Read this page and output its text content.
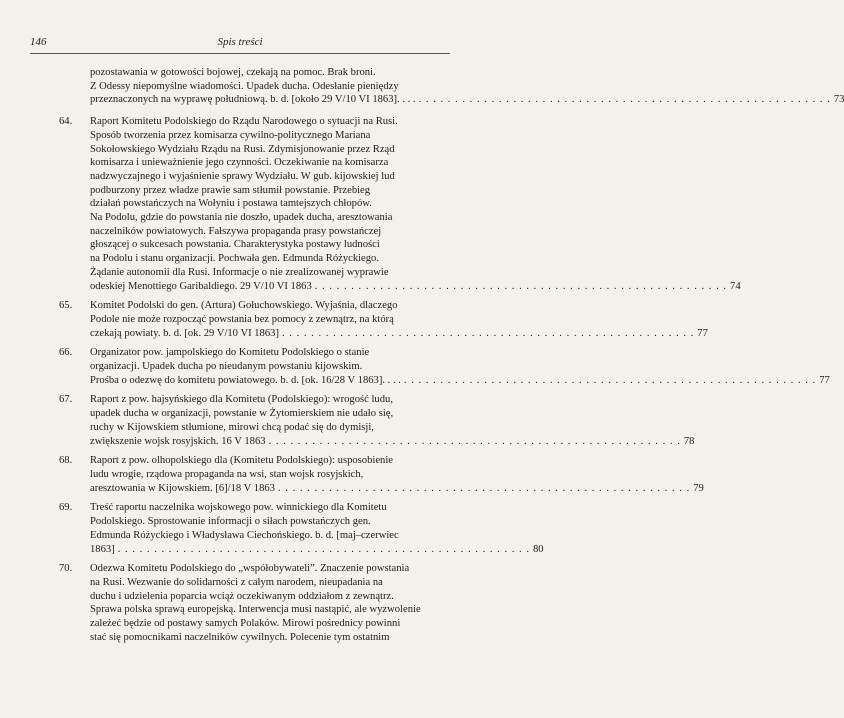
146	Spis treści
pozostawania w gotowości bojowej, czekają na pomoc. Brak broni.
Z Odessy niepomyślne wiadomości. Upadek ducha. Odesłanie pieniędzy
przeznaczonych na wyprawę południową. b. d. [około 29 V/10 VI 1863]. . . . . . . . . . . . . . . . . . . . . . . . . . . . . . . . . . . . . . . . . . . . . . . . . . . . . . . . . . . . . 73
64.	Raport Komitetu Podolskiego do Rządu Narodowego o sytuacji na Rusi.
Sposób tworzenia przez komisarza cywilno-politycznego Mariana
Sokołowskiego Wydziału Rządu na Rusi. Zdymisjonowanie przez Rząd
komisarza i unieważnienie jego czynności. Oczekiwanie na komisarza
nadzwyczajnego i wyjaśnienie sprawy Wydziału. W gub. kijowskiej lud
podburzony przez władze prawie sam stłumił powstanie. Przebieg
działań powstańczych na Wołyniu i postawa tamtejszych chłopów.
Na Podolu, gdzie do powstania nie doszło, upadek ducha, aresztowania
naczelników powiatowych. Fałszywa propaganda prasy powstańczej
głoszącej o sukcesach powstania. Charakterystyka postawy ludności
na Podolu i stanu organizacji. Pochwała gen. Edmunda Różyckiego.
Żądanie autonomii dla Rusi. Informacje o nie zrealizowanej wyprawie
odeskiej Menottiego Garibaldiego. 29 V/10 VI 1863 . . . . . . . . . . . . . . . . . . . . . . . . . . . . . . . . . . . . . . . . . . . . . . . . . . . . . . . . . 74
65.	Komitet Podolski do gen. (Artura) Gołuchowskiego. Wyjaśnia, dlaczego
Podole nie może rozpocząć powstania bez pomocy z zewnątrz, na którą
czekają powiaty. b. d. [ok. 29 V/10 VI 1863] . . . . . . . . . . . . . . . . . . . . . . . . . . . . . . . . . . . . . . . . . . . . . . . . . . . . . . . . . 77
66.	Organizator pow. jampolskiego do Komitetu Podolskiego o stanie
organizacji. Upadek ducha po nieudanym powstaniu kijowskim.
Prośba o odezwę do komitetu powiatowego. b. d. [ok. 16/28 V 1863]. . . . . . . . . . . . . . . . . . . . . . . . . . . . . . . . . . . . . . . . . . . . . . . . . . . . . . . . . . . . . 77
67.	Raport z pow. hajsyńskiego dla Komitetu (Podolskiego): wrogość ludu,
upadek ducha w organizacji, powstanie w Żytomierskiem nie udało się,
ruchy w Kijowskiem stłumione, mirowi chcą podać się do dymisji,
zwiększenie wojsk rosyjskich. 16 V 1863 . . . . . . . . . . . . . . . . . . . . . . . . . . . . . . . . . . . . . . . . . . . . . . . . . . . . . . . . . 78
68.	Raport z pow. olhopolskiego dla (Komitetu Podolskiego): usposobienie
ludu wrogie, rządowa propaganda na wsi, stan wojsk rosyjskich,
aresztowania w Kijowskiem. [6]/18 V 1863 . . . . . . . . . . . . . . . . . . . . . . . . . . . . . . . . . . . . . . . . . . . . . . . . . . . . . . . . . 79
69.	Treść raportu naczelnika wojskowego pow. winnickiego dla Komitetu
Podolskiego. Sprostowanie informacji o siłach powstańczych gen.
Edmunda Różyckiego i Władysława Ciechońskiego. b. d. [maj–czerwiec
1863] . . . . . . . . . . . . . . . . . . . . . . . . . . . . . . . . . . . . . . . . . . . . . . . . . . . . . . . . . 80
70.	Odezwa Komitetu Podolskiego do „współobywateli”. Znaczenie powstania
na Rusi. Wezwanie do solidarności z całym narodem, nieupadania na
duchu i udzielenia poparcia wciąż oczekiwanym oddziałom z zewnątrz.
Sprawa polska sprawą europejską. Interwencja musi nastąpić, ale wyzwolenie
zależeć będzie od postawy samych Polaków. Mirowi pośrednicy powinni
stać się pomocnikami naczelników cywilnych. Polecenie tym ostatnim
